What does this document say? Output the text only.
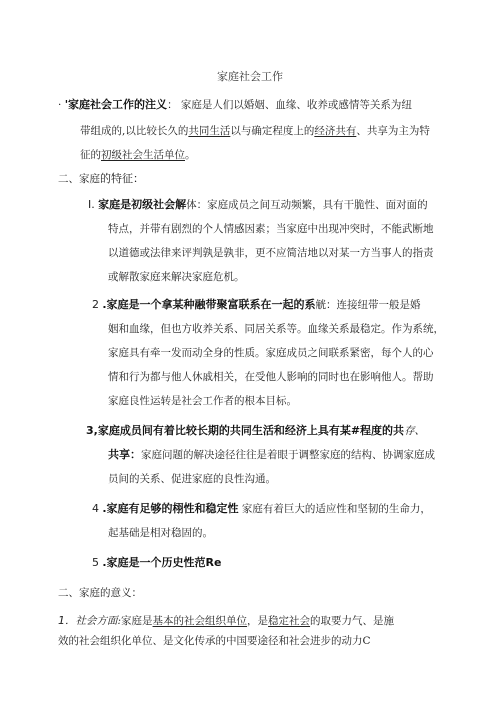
家庭社会工作
· '家庭社会工作的注义： 家庭是人们以婚姻、血缘、收养或感情等关系为纽
带组成的,以比较长久的共同生活以与确定程度上的经济共有、共享为主为特
征的初级社会生活单位。
二、家庭的特征：
I. 家庭是初级社会解体：家庭成员之间互动频繁，具有干脆性、面对面的
特点，并带有剧烈的个人情感因素；当家庭中出现冲突时，不能武断地
以道德或法律来评判孰是孰非，更不应简洁地以对某一方当事人的指责
或解散家庭来解决家庭危机。
2 .家庭是一个拿某种融带聚富联系在一起的系觥：连接纽带一般是婚
姻和血缘，但也方收养关系、同居关系等。血缘关系最稳定。作为系统，
家庭具有牵一发而动全身的性质。家庭成员之间联系紧密，每个人的心
情和行为都与他人休戚相关，在受他人影响的同时也在影响他人。帮助
家庭良性运转是社会工作者的根本目标。
3,家庭成员间有着比较长期的共同生活和经济上具有某#程度的共存、
共享：家庭问题的解决途径往往是着眼于调整家庭的结构、协调家庭成
员间的关系、促进家庭的良性沟通。
4 .家庭有足够的栩性和稳定性 家庭有着巨大的适应性和坚韧的生命力，
起基础是相对稳固的。
5 .家庭是一个历史性范Re
二、家庭的意义：
1．社会方面:家庭是基本的社会组织单位，是稳定社会的取要力气、是施
效的社会组织化单位、是文化传承的中国要途径和社会进步的动力C
